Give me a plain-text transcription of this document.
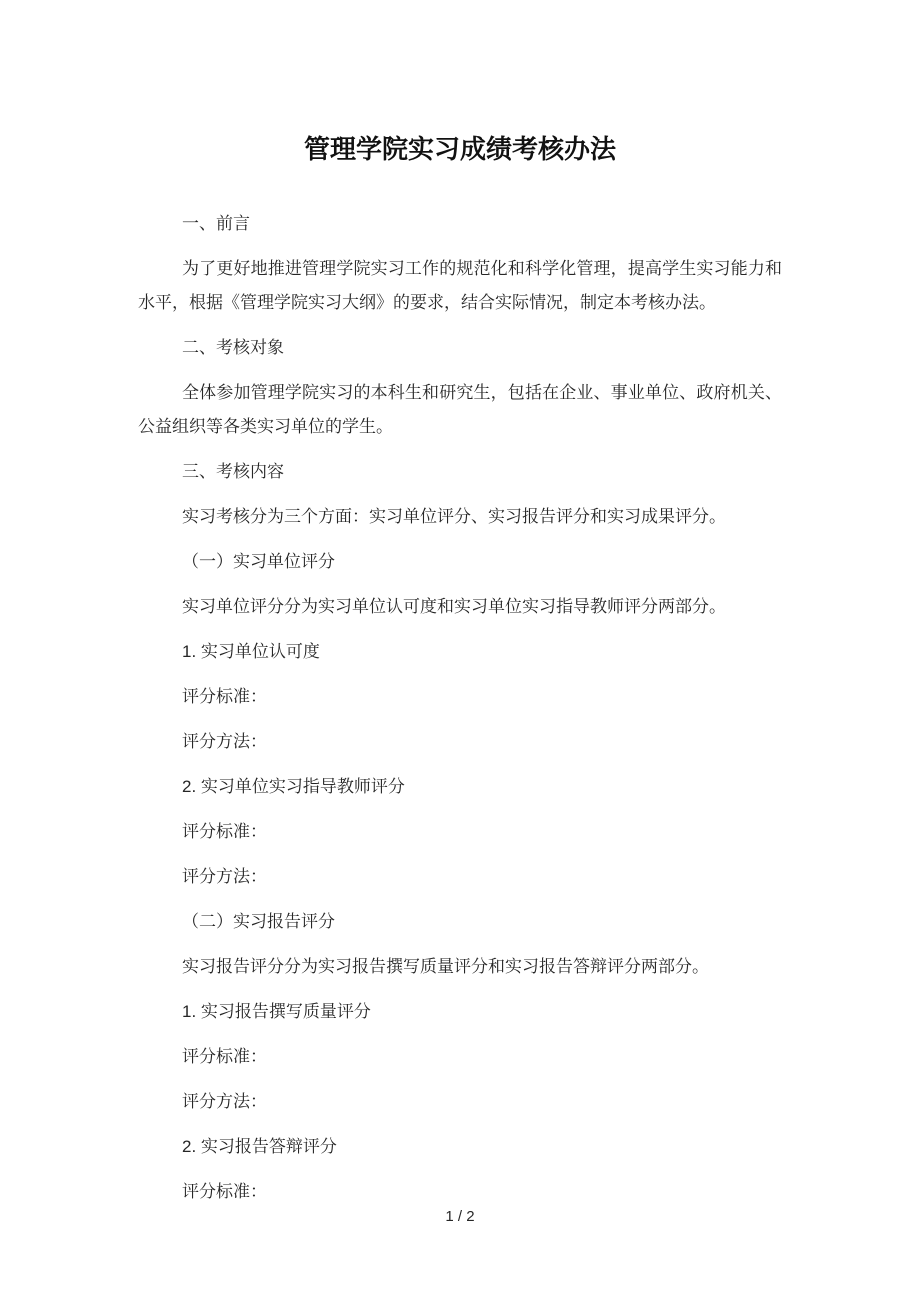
管理学院实习成绩考核办法

一、前言

为了更好地推进管理学院实习工作的规范化和科学化管理，提高学生实习能力和水平，根据《管理学院实习大纲》的要求，结合实际情况，制定本考核办法。

二、考核对象

全体参加管理学院实习的本科生和研究生，包括在企业、事业单位、政府机关、公益组织等各类实习单位的学生。

三、考核内容

实习考核分为三个方面：实习单位评分、实习报告评分和实习成果评分。

（一）实习单位评分

实习单位评分分为实习单位认可度和实习单位实习指导教师评分两部分。

1. 实习单位认可度

评分标准：

评分方法：

2. 实习单位实习指导教师评分

评分标准：

评分方法：

（二）实习报告评分

实习报告评分分为实习报告撰写质量评分和实习报告答辩评分两部分。

1. 实习报告撰写质量评分

评分标准：

评分方法：

2. 实习报告答辩评分

评分标准：

1 / 2
